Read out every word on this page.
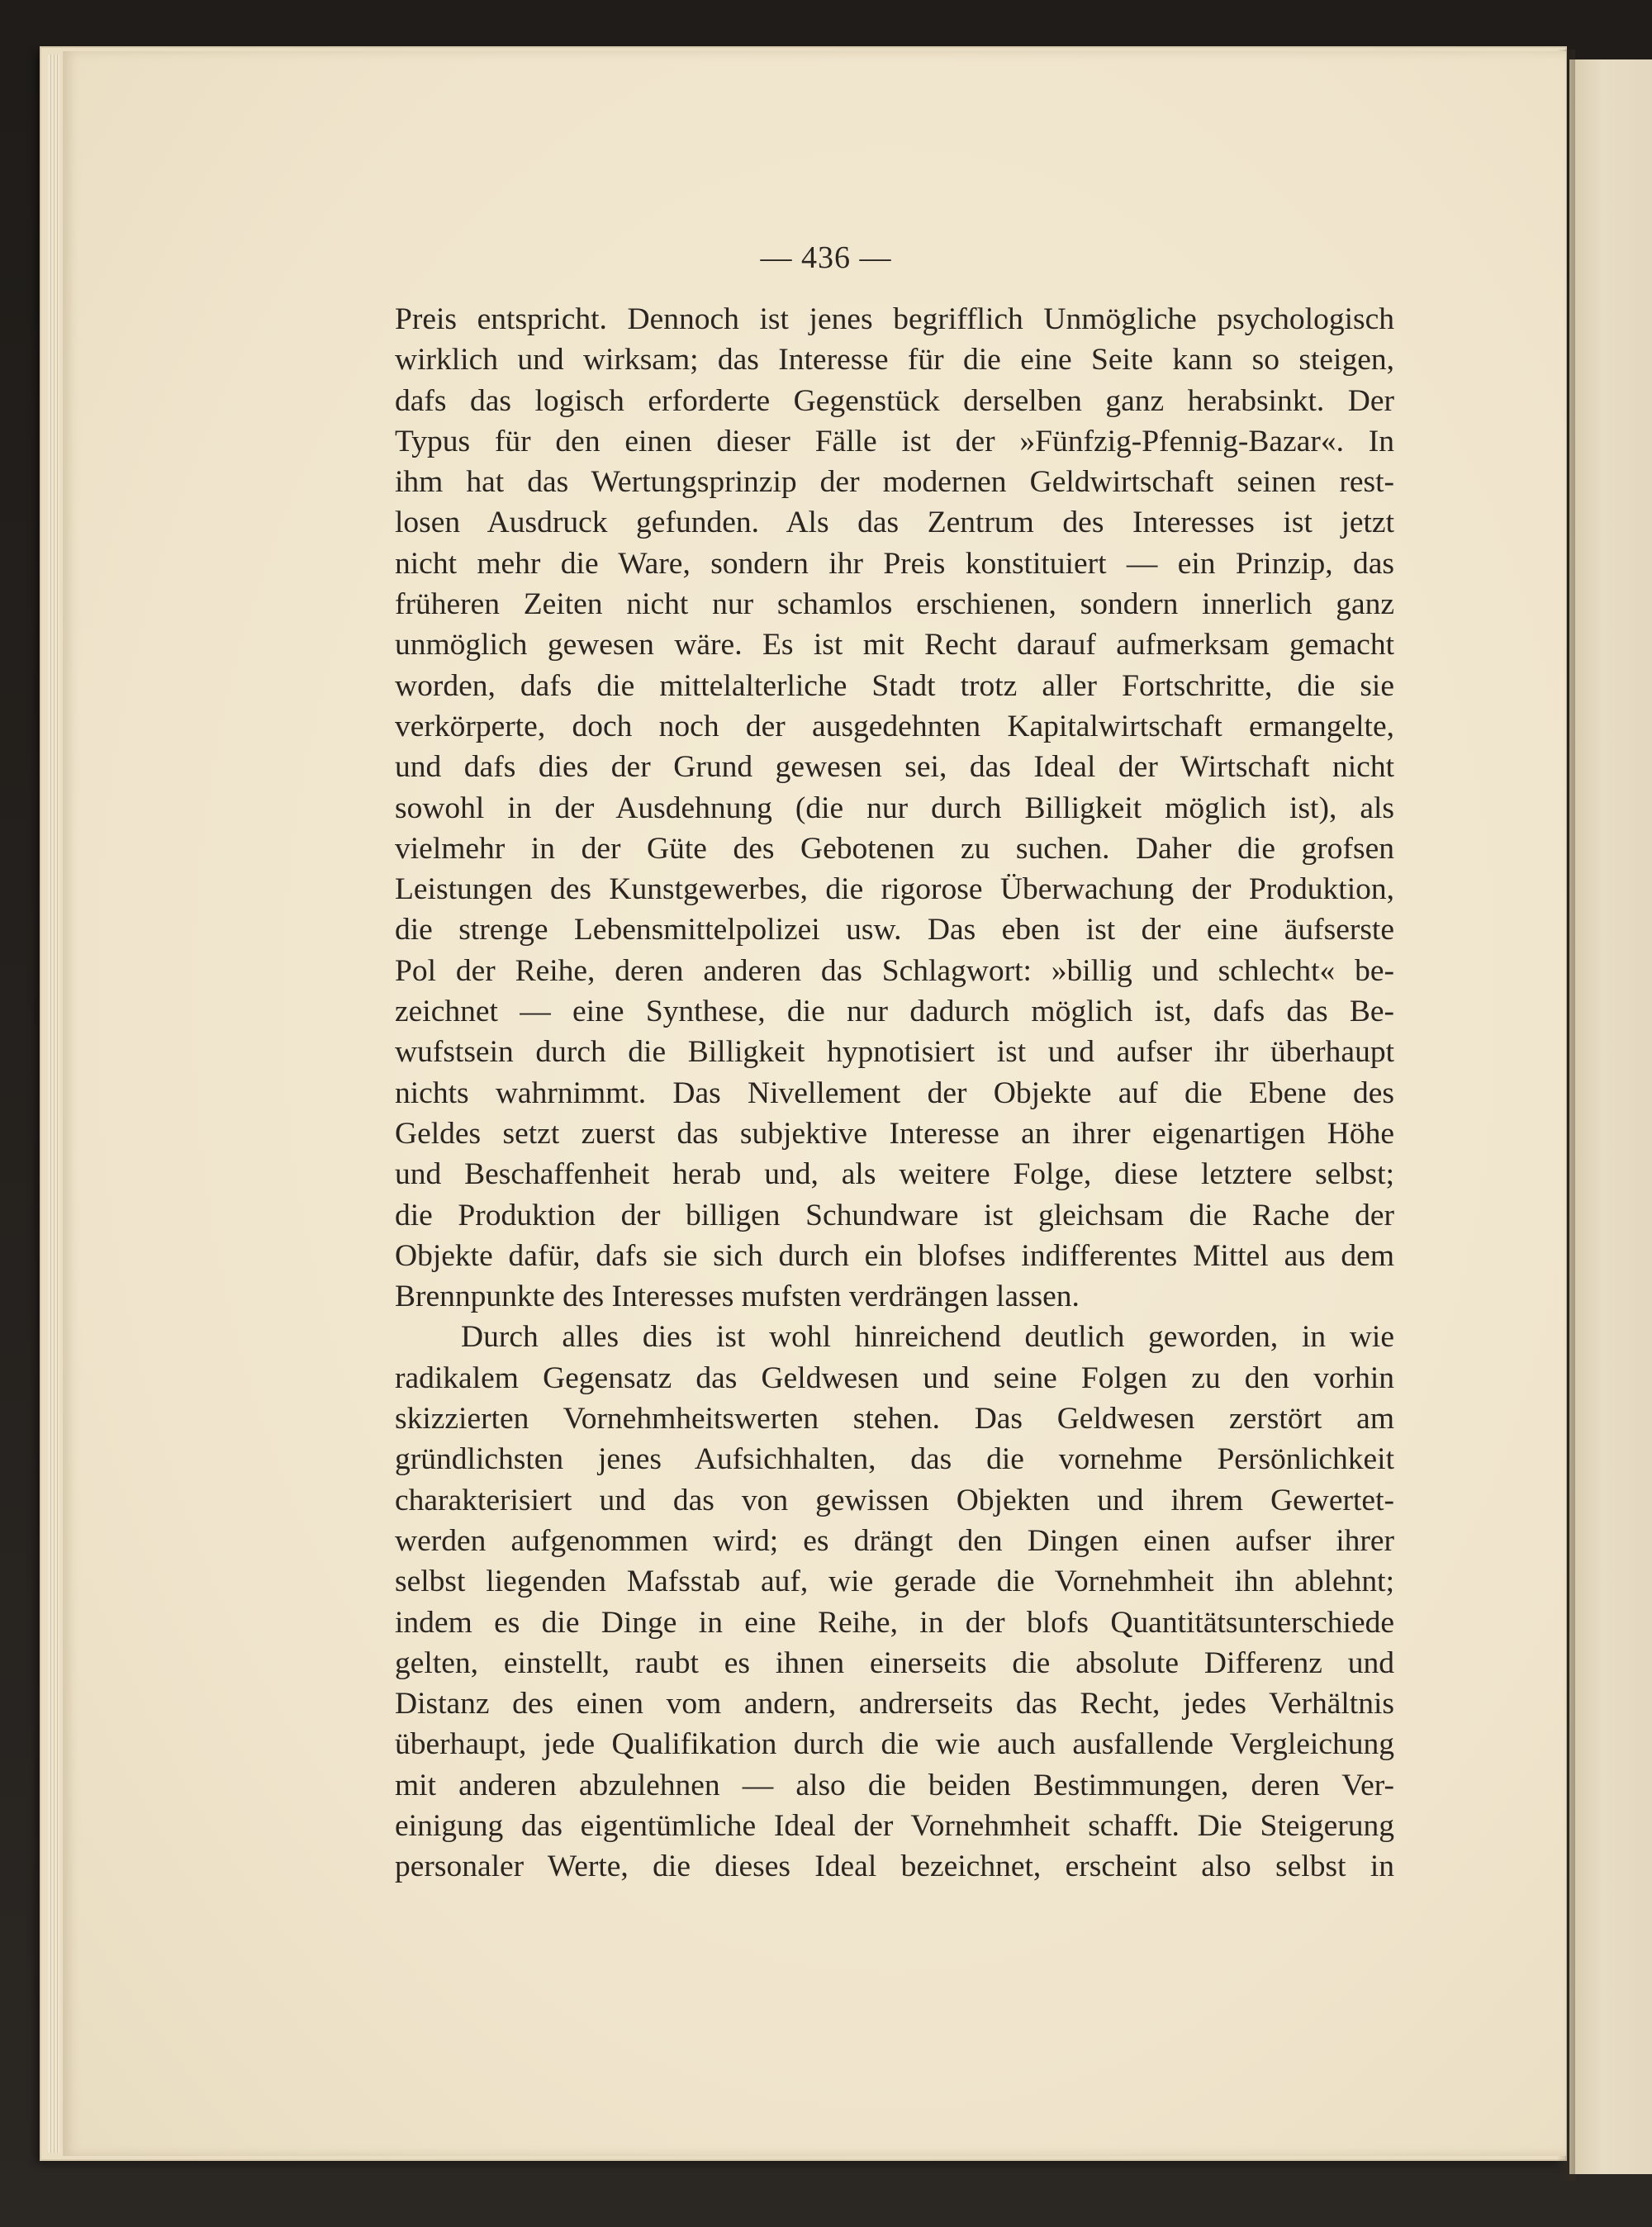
— 436 —
Preis entspricht. Dennoch ist jenes begrifflich Unmögliche psychologisch
wirklich und wirksam; das Interesse für die eine Seite kann so steigen,
dafs das logisch erforderte Gegenstück derselben ganz herabsinkt. Der
Typus für den einen dieser Fälle ist der »Fünfzig-Pfennig-Bazar«. In
ihm hat das Wertungsprinzip der modernen Geldwirtschaft seinen rest-
losen Ausdruck gefunden. Als das Zentrum des Interesses ist jetzt
nicht mehr die Ware, sondern ihr Preis konstituiert — ein Prinzip, das
früheren Zeiten nicht nur schamlos erschienen, sondern innerlich ganz
unmöglich gewesen wäre. Es ist mit Recht darauf aufmerksam gemacht
worden, dafs die mittelalterliche Stadt trotz aller Fortschritte, die sie
verkörperte, doch noch der ausgedehnten Kapitalwirtschaft ermangelte,
und dafs dies der Grund gewesen sei, das Ideal der Wirtschaft nicht
sowohl in der Ausdehnung (die nur durch Billigkeit möglich ist), als
vielmehr in der Güte des Gebotenen zu suchen. Daher die grofsen
Leistungen des Kunstgewerbes, die rigorose Überwachung der Produktion,
die strenge Lebensmittelpolizei usw. Das eben ist der eine äufserste
Pol der Reihe, deren anderen das Schlagwort: »billig und schlecht« be-
zeichnet — eine Synthese, die nur dadurch möglich ist, dafs das Be-
wufstsein durch die Billigkeit hypnotisiert ist und aufser ihr überhaupt
nichts wahrnimmt. Das Nivellement der Objekte auf die Ebene des
Geldes setzt zuerst das subjektive Interesse an ihrer eigenartigen Höhe
und Beschaffenheit herab und, als weitere Folge, diese letztere selbst;
die Produktion der billigen Schundware ist gleichsam die Rache der
Objekte dafür, dafs sie sich durch ein blofses indifferentes Mittel aus dem
Brennpunkte des Interesses mufsten verdrängen lassen.
Durch alles dies ist wohl hinreichend deutlich geworden, in wie
radikalem Gegensatz das Geldwesen und seine Folgen zu den vorhin
skizzierten Vornehmheitswerten stehen. Das Geldwesen zerstört am
gründlichsten jenes Aufsichhalten, das die vornehme Persönlichkeit
charakterisiert und das von gewissen Objekten und ihrem Gewertet-
werden aufgenommen wird; es drängt den Dingen einen aufser ihrer
selbst liegenden Mafsstab auf, wie gerade die Vornehmheit ihn ablehnt;
indem es die Dinge in eine Reihe, in der blofs Quantitätsunterschiede
gelten, einstellt, raubt es ihnen einerseits die absolute Differenz und
Distanz des einen vom andern, andrerseits das Recht, jedes Verhältnis
überhaupt, jede Qualifikation durch die wie auch ausfallende Vergleichung
mit anderen abzulehnen — also die beiden Bestimmungen, deren Ver-
einigung das eigentümliche Ideal der Vornehmheit schafft. Die Steigerung
personaler Werte, die dieses Ideal bezeichnet, erscheint also selbst in
